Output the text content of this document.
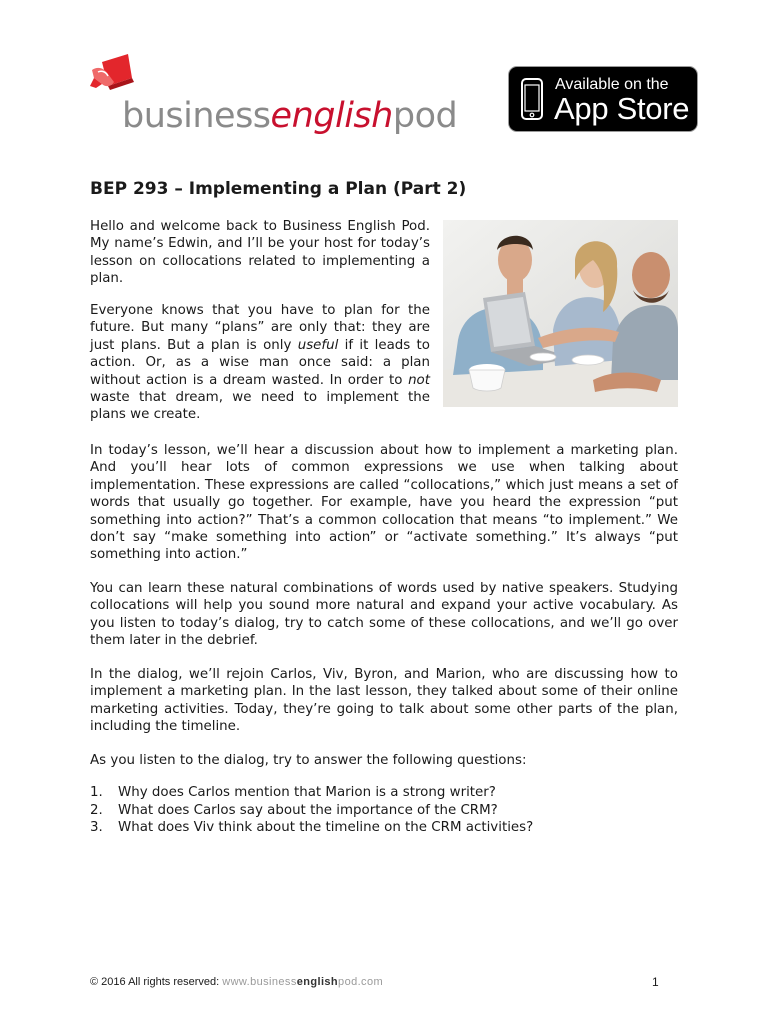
businessenglishpod
Available on the
App Store
BEP 293 – Implementing a Plan (Part 2)

Hello and welcome back to Business English Pod. My name’s Edwin, and I’ll be your host for today’s lesson on collocations related to implementing a plan.

Everyone knows that you have to plan for the future. But many “plans” are only that: they are just plans. But a plan is only useful if it leads to action. Or, as a wise man once said: a plan without action is a dream wasted. In order to not waste that dream, we need to implement the plans we create.

In today’s lesson, we’ll hear a discussion about how to implement a marketing plan. And you’ll hear lots of common expressions we use when talking about implementation. These expressions are called “collocations,” which just means a set of words that usually go together. For example, have you heard the expression “put something into action?” That’s a common collocation that means “to implement.” We don’t say “make something into action” or “activate something.” It’s always “put something into action.”

You can learn these natural combinations of words used by native speakers. Studying collocations will help you sound more natural and expand your active vocabulary. As you listen to today’s dialog, try to catch some of these collocations, and we’ll go over them later in the debrief.

In the dialog, we’ll rejoin Carlos, Viv, Byron, and Marion, who are discussing how to implement a marketing plan. In the last lesson, they talked about some of their online marketing activities. Today, they’re going to talk about some other parts of the plan, including the timeline.

As you listen to the dialog, try to answer the following questions:

1. Why does Carlos mention that Marion is a strong writer?
2. What does Carlos say about the importance of the CRM?
3. What does Viv think about the timeline on the CRM activities?
© 2016 All rights reserved: www.businessenglishpod.com	1
